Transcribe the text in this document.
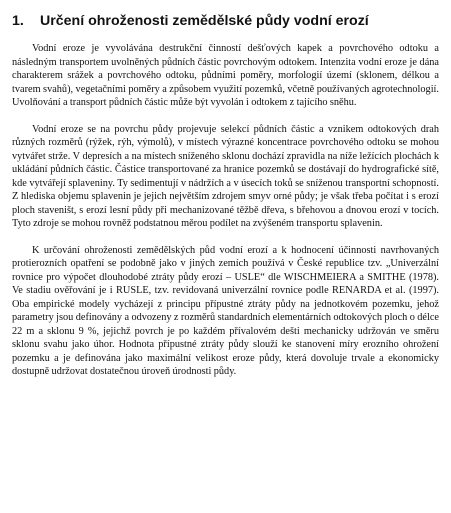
1.	Určení ohroženosti zemědělské půdy vodní erozí

Vodní eroze je vyvolávána destrukční činností dešťových kapek a povrchového odtoku a následným transportem uvolněných půdních částic povrchovým odtokem. Intenzita vodní eroze je dána charakterem srážek a povrchového odtoku, půdními poměry, morfologií území (sklonem, délkou a tvarem svahů), vegetačními poměry a způsobem využití pozemků, včetně používaných agrotechnologií. Uvolňování a transport půdních částic může být vyvolán i odtokem z tajícího sněhu.

Vodní eroze se na povrchu půdy projevuje selekcí půdních částic a vznikem odtokových drah různých rozměrů (rýžek, rýh, výmolů), v místech výrazné koncentrace povrchového odtoku se mohou vytvářet strže. V depresích a na místech sníženého sklonu dochází zpravidla na níže ležících plochách k ukládání půdních částic. Částice transportované za hranice pozemků se dostávají do hydrografické sítě, kde vytvářejí splaveniny. Ty sedimentují v nádržích a v úsecích toků se sníženou transportní schopností. Z hlediska objemu splavenin je jejich největším zdrojem smyv orné půdy; je však třeba počítat i s erozí ploch staveništ, s erozí lesní půdy při mechanizované těžbě dřeva, s břehovou a dnovou erozí v tocích. Tyto zdroje se mohou rovněž podstatnou měrou podílet na zvýšeném transportu splavenin.

K určování ohroženosti zemědělských půd vodní erozí a k hodnocení účinnosti navrhovaných protierozních opatření se podobně jako v jiných zemích používá v České republice tzv. „Univerzální rovnice pro výpočet dlouhodobé ztráty půdy erozí – USLE“ dle WISCHMEIERA a SMITHE (1978). Ve stadiu ověřování je i RUSLE, tzv. revidovaná univerzální rovnice podle RENARDA et al. (1997). Oba empirické modely vycházejí z principu přípustné ztráty půdy na jednotkovém pozemku, jehož parametry jsou definovány a odvozeny z rozměrů standardních elementárních odtokových ploch o délce 22 m a sklonu 9 %, jejichž povrch je po každém přívalovém dešti mechanicky udržován ve směru sklonu svahu jako úhor. Hodnota přípustné ztráty půdy slouží ke stanovení míry erozního ohrožení pozemku a je definována jako maximální velikost eroze půdy, která dovoluje trvale a ekonomicky dostupně udržovat dostatečnou úroveň úrodnosti půdy.
